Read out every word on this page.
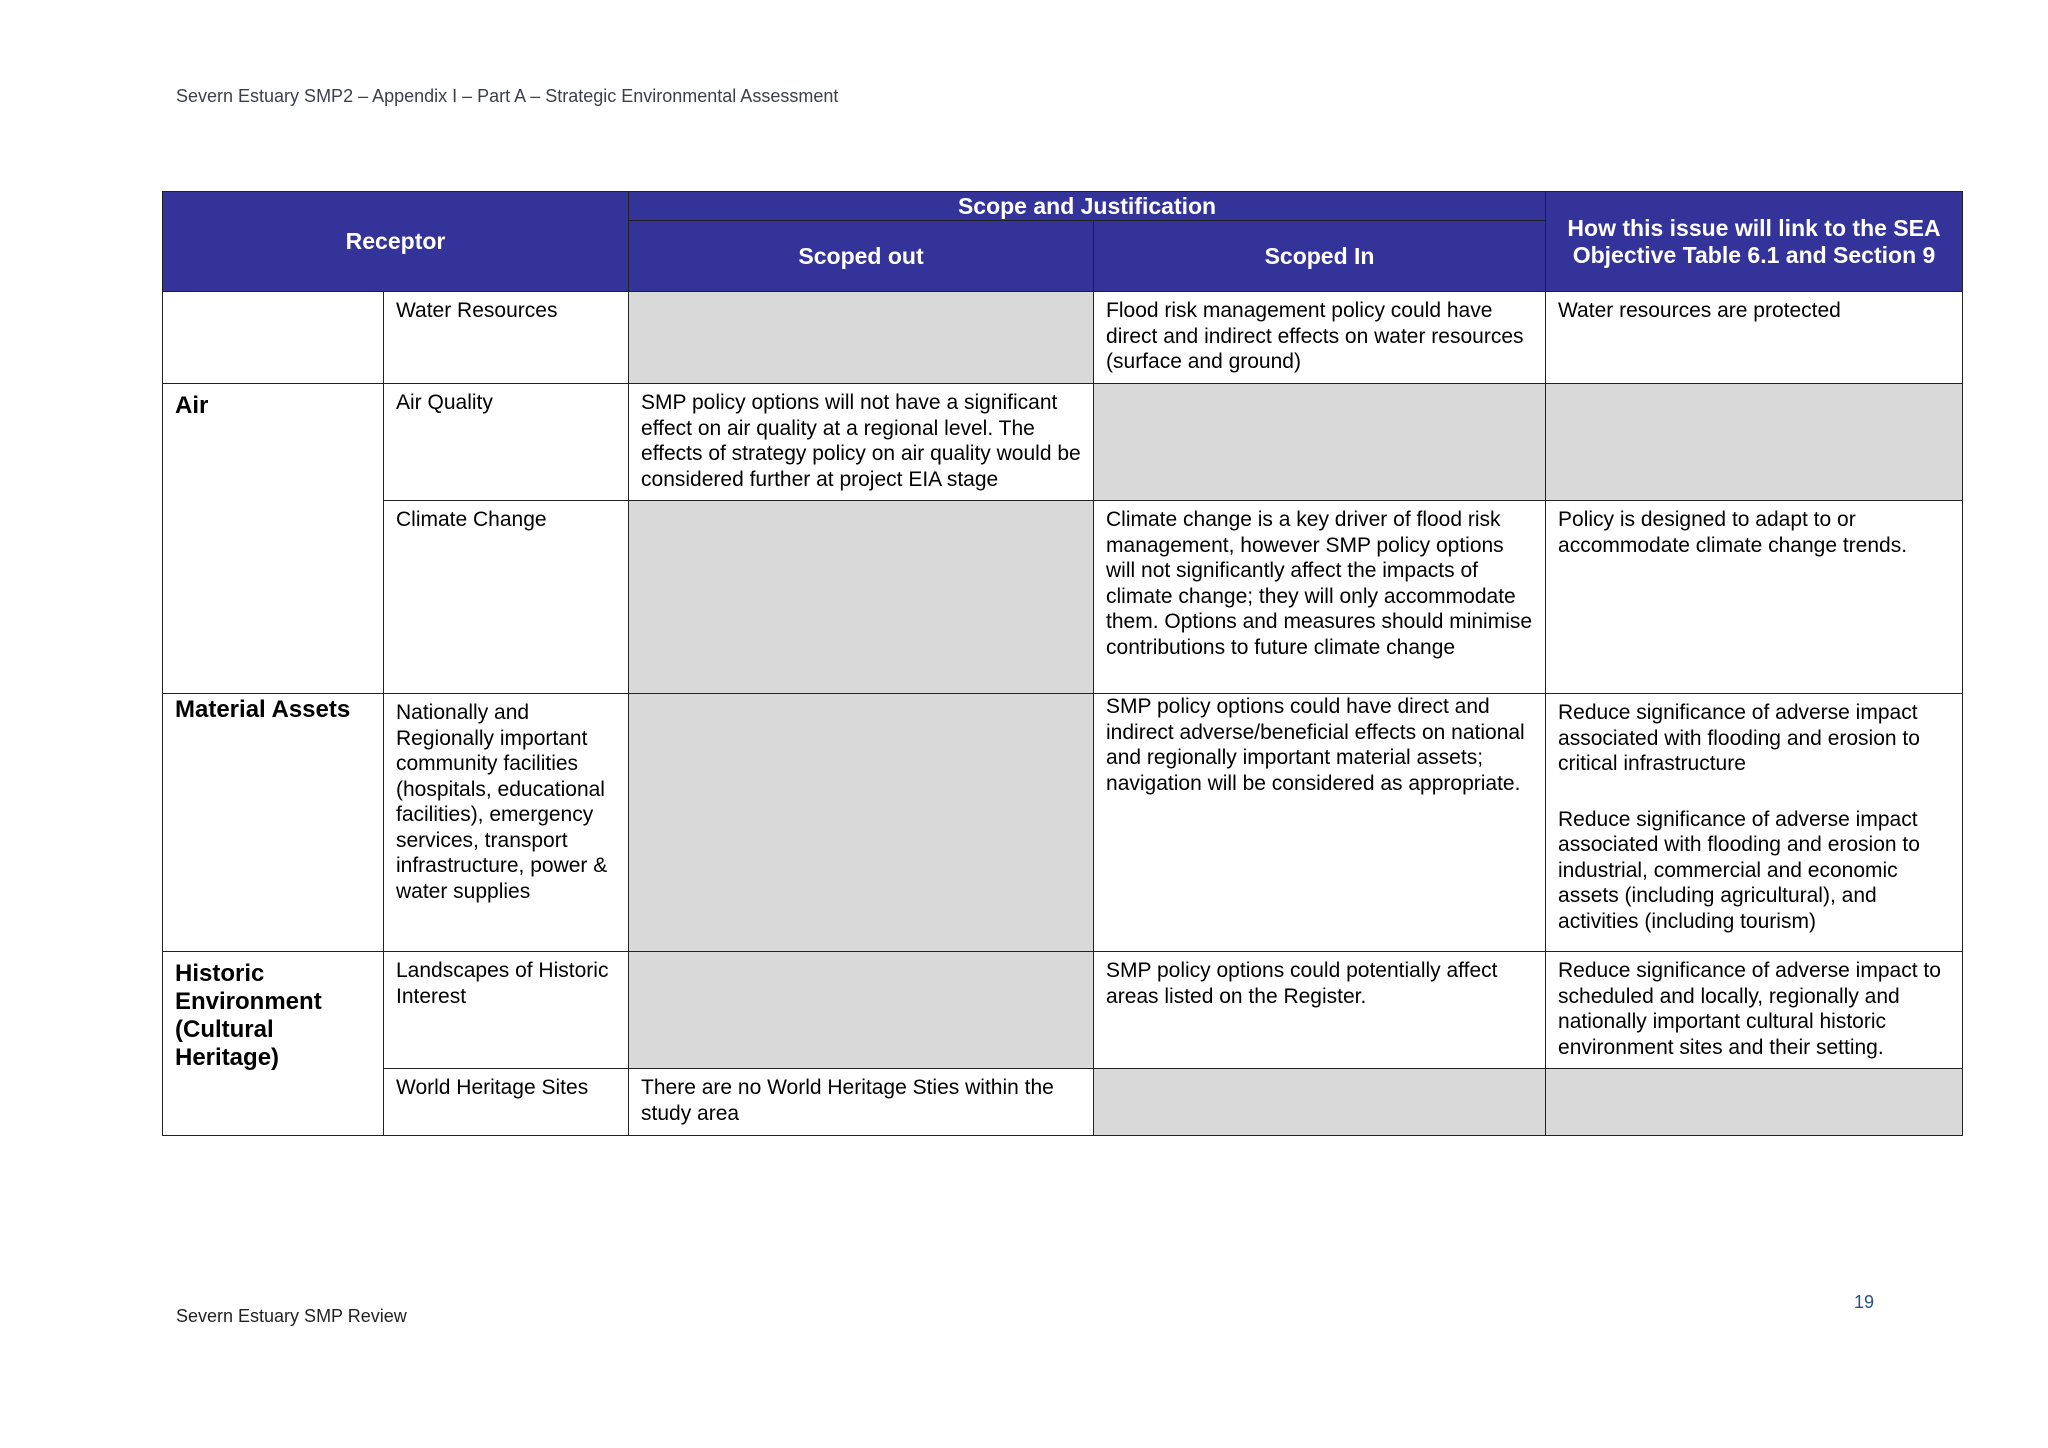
Severn Estuary SMP2 – Appendix I – Part A – Strategic Environmental Assessment
Receptor		Scope and Justification		How this issue will link to the SEA Objective Table 6.1 and Section 9
		Scoped out	Scoped In	

	Water Resources		Flood risk management policy could have direct and indirect effects on water resources (surface and ground)	Water resources are protected

Air	Air Quality	SMP policy options will not have a significant effect on air quality at a regional level. The effects of strategy policy on air quality would be considered further at project EIA stage		

	Climate Change		Climate change is a key driver of flood risk management, however SMP policy options will not significantly affect the impacts of climate change; they will only accommodate them. Options and measures should minimise contributions to future climate change	Policy is designed to adapt to or accommodate climate change trends.

Material Assets	Nationally and Regionally important community facilities (hospitals, educational facilities), emergency services, transport infrastructure, power & water supplies		SMP policy options could have direct and indirect adverse/beneficial effects on national and regionally important material assets; navigation will be considered as appropriate.	Reduce significance of adverse impact associated with flooding and erosion to critical infrastructure
Reduce significance of adverse impact associated with flooding and erosion to industrial, commercial and economic assets (including agricultural), and activities (including tourism)

Historic Environment (Cultural Heritage)	Landscapes of Historic Interest		SMP policy options could potentially affect areas listed on the Register.	Reduce significance of adverse impact to scheduled and locally, regionally and nationally important cultural historic environment sites and their setting.

	World Heritage Sites	There are no World Heritage Sties within the study area		

Severn Estuary SMP Review
19
